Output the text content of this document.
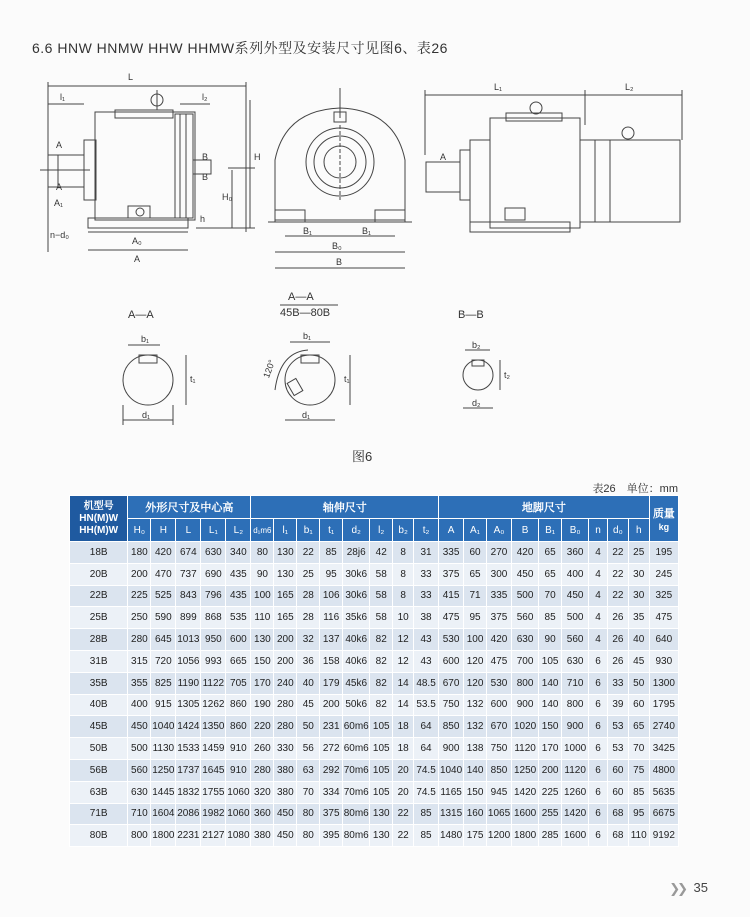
6.6 HNW HNMW HHW HHMW系列外型及安装尺寸见图6、表26
L
l₁	l₂
A
A
A₁
B
B
H
H₀
h
A₀
A
n−d₀	B₁	B₁
B₀
B
L₁	L₂
A
A—A
A—A
45B—80B	B—B
b₁
t₁
d₁
b₁
t₁
d₁
120°
b₂
t₂
d₂
图6
表26　单位：mm
机型号
HN(M)W
HH(M)W	外形尺寸及中心高					轴伸尺寸								地脚尺寸									质量
kg
	H₀	H	L	L₁	L₂	d₁m6	l₁	b₁	t₁	d₂	l₂	b₂	t₂	A	A₁	A₀	B	B₁	B₀	n	d₀	h	
18B	180	420	674	630	340	80	130	22	85	28j6	42	8	31	335	60	270	420	65	360	4	22	25	195
20B	200	470	737	690	435	90	130	25	95	30k6	58	8	33	375	65	300	450	65	400	4	22	30	245
22B	225	525	843	796	435	100	165	28	106	30k6	58	8	33	415	71	335	500	70	450	4	22	30	325
25B	250	590	899	868	535	110	165	28	116	35k6	58	10	38	475	95	375	560	85	500	4	26	35	475
28B	280	645	1013	950	600	130	200	32	137	40k6	82	12	43	530	100	420	630	90	560	4	26	40	640
31B	315	720	1056	993	665	150	200	36	158	40k6	82	12	43	600	120	475	700	105	630	6	26	45	930
35B	355	825	1190	1122	705	170	240	40	179	45k6	82	14	48.5	670	120	530	800	140	710	6	33	50	1300
40B	400	915	1305	1262	860	190	280	45	200	50k6	82	14	53.5	750	132	600	900	140	800	6	39	60	1795
45B	450	1040	1424	1350	860	220	280	50	231	60m6	105	18	64	850	132	670	1020	150	900	6	53	65	2740
50B	500	1130	1533	1459	910	260	330	56	272	60m6	105	18	64	900	138	750	1120	170	1000	6	53	70	3425
56B	560	1250	1737	1645	910	280	380	63	292	70m6	105	20	74.5	1040	140	850	1250	200	1120	6	60	75	4800
63B	630	1445	1832	1755	1060	320	380	70	334	70m6	105	20	74.5	1165	150	945	1420	225	1260	6	60	85	5635
71B	710	1604	2086	1982	1060	360	450	80	375	80m6	130	22	85	1315	160	1065	1600	255	1420	6	68	95	6675
80B	800	1800	2231	2127	1080	380	450	80	395	80m6	130	22	85	1480	175	1200	1800	285	1600	6	68	110	9192
❯❯ 35
